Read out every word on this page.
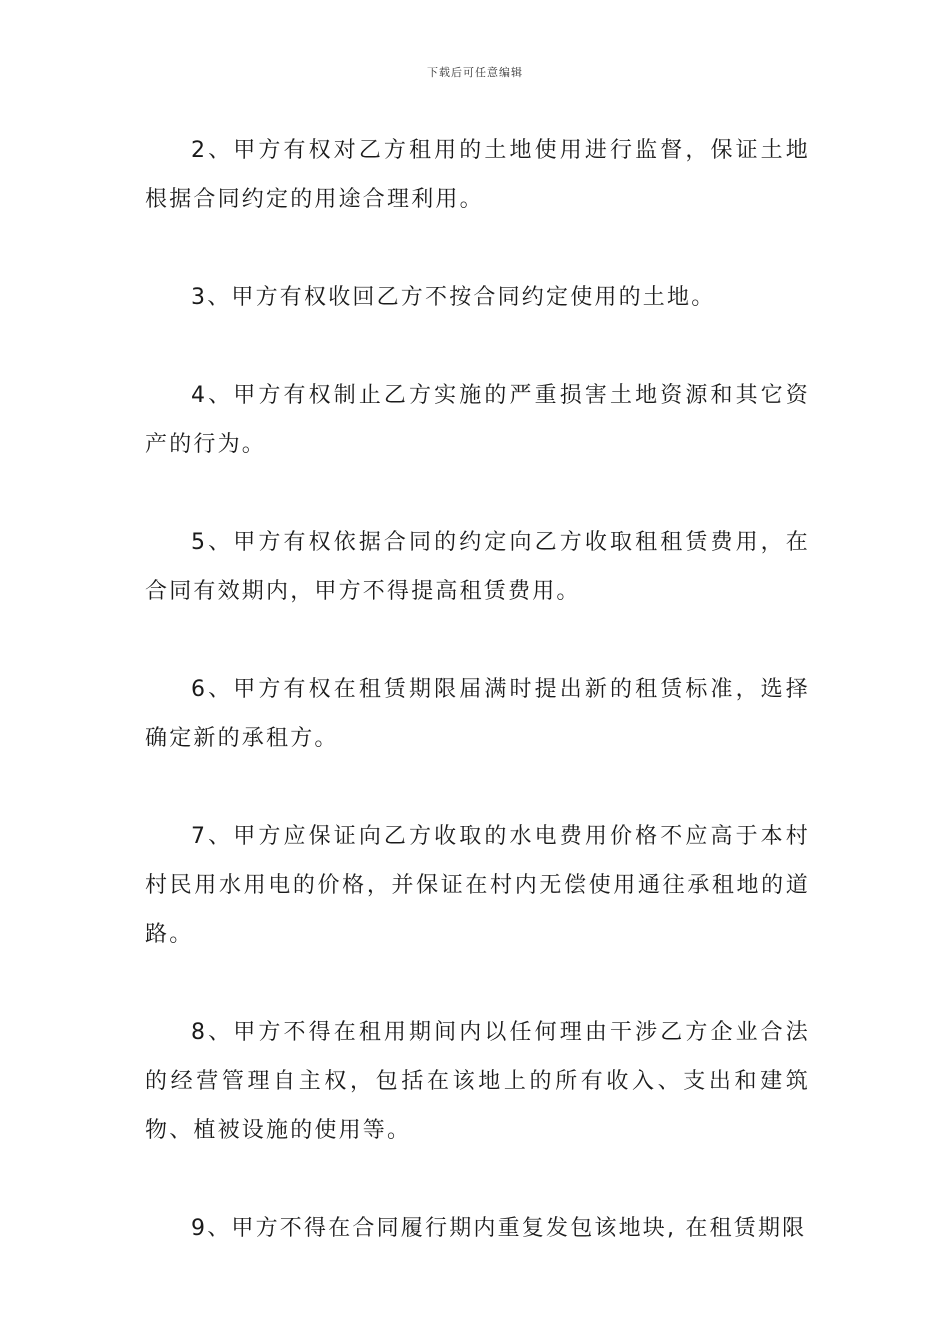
下载后可任意编辑

2、甲方有权对乙方租用的土地使用进行监督，保证土地根据合同约定的用途合理利用。

3、甲方有权收回乙方不按合同约定使用的土地。

4、甲方有权制止乙方实施的严重损害土地资源和其它资产的行为。

5、甲方有权依据合同的约定向乙方收取租租赁费用，在合同有效期内，甲方不得提高租赁费用。

6、甲方有权在租赁期限届满时提出新的租赁标准，选择确定新的承租方。

7、甲方应保证向乙方收取的水电费用价格不应高于本村村民用水用电的价格，并保证在村内无偿使用通往承租地的道路。

8、甲方不得在租用期间内以任何理由干涉乙方企业合法的经营管理自主权，包括在该地上的所有收入、支出和建筑物、植被设施的使用等。

9、甲方不得在合同履行期内重复发包该地块, 在租赁期限
